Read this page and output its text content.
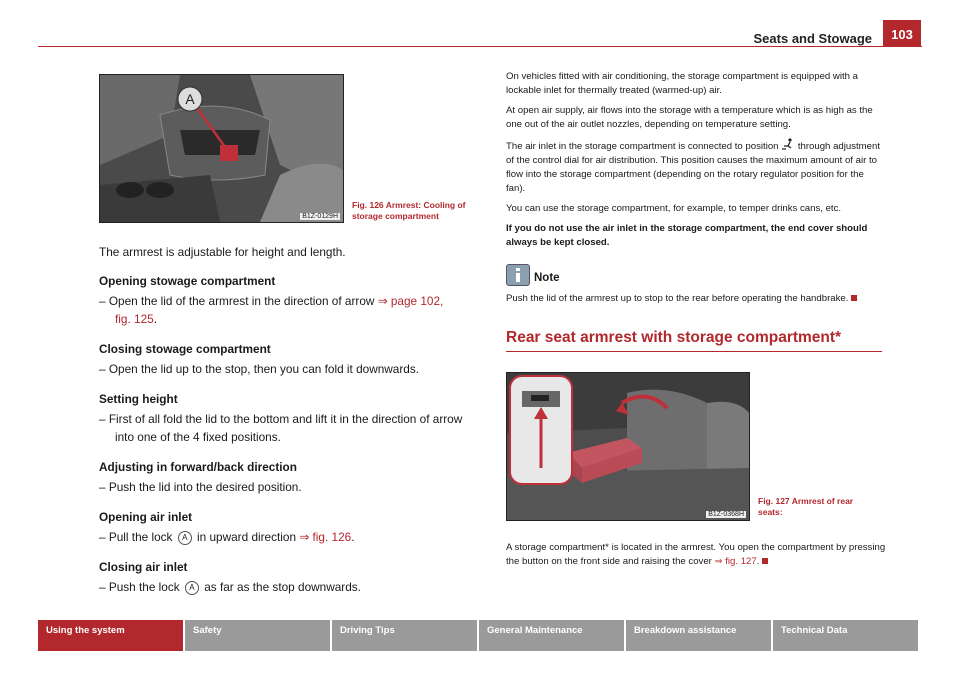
Seats and Stowage	103
A
B1Z-0129H
Fig. 126 Armrest: Cooling of storage compartment
The armrest is adjustable for height and length.
Opening stowage compartment
– Open the lid of the armrest in the direction of arrow ⇒ page 102,
fig. 125.
Closing stowage compartment
– Open the lid up to the stop, then you can fold it downwards.
Setting height
– First of all fold the lid to the bottom and lift it in the direction of arrow into one of the 4 fixed positions.
Adjusting in forward/back direction
– Push the lid into the desired position.
Opening air inlet
– Pull the lock A in upward direction ⇒ fig. 126.
Closing air inlet
– Push the lock A as far as the stop downwards.
On vehicles fitted with air conditioning, the storage compartment is equipped with a lockable inlet for thermally treated (warmed-up) air.
At open air supply, air flows into the storage with a temperature which is as high as the one out of the air outlet nozzles, depending on temperature setting.
The air inlet in the storage compartment is connected to position through adjustment of the control dial for air distribution. This position causes the maximum amount of air to flow into the storage compartment (depending on the rotary regulator position for the fan).
You can use the storage compartment, for example, to temper drinks cans, etc.
If you do not use the air inlet in the storage compartment, the end cover should always be kept closed.
Note
Push the lid of the armrest up to stop to the rear before operating the handbrake.
Rear seat armrest with storage compartment*
B1Z-0368H
Fig. 127 Armrest of rear seats:
A storage compartment* is located in the armrest. You open the compartment by pressing the button on the front side and raising the cover ⇒ fig. 127.
Using the system	Safety	Driving Tips	General Maintenance	Breakdown assistance	Technical Data
